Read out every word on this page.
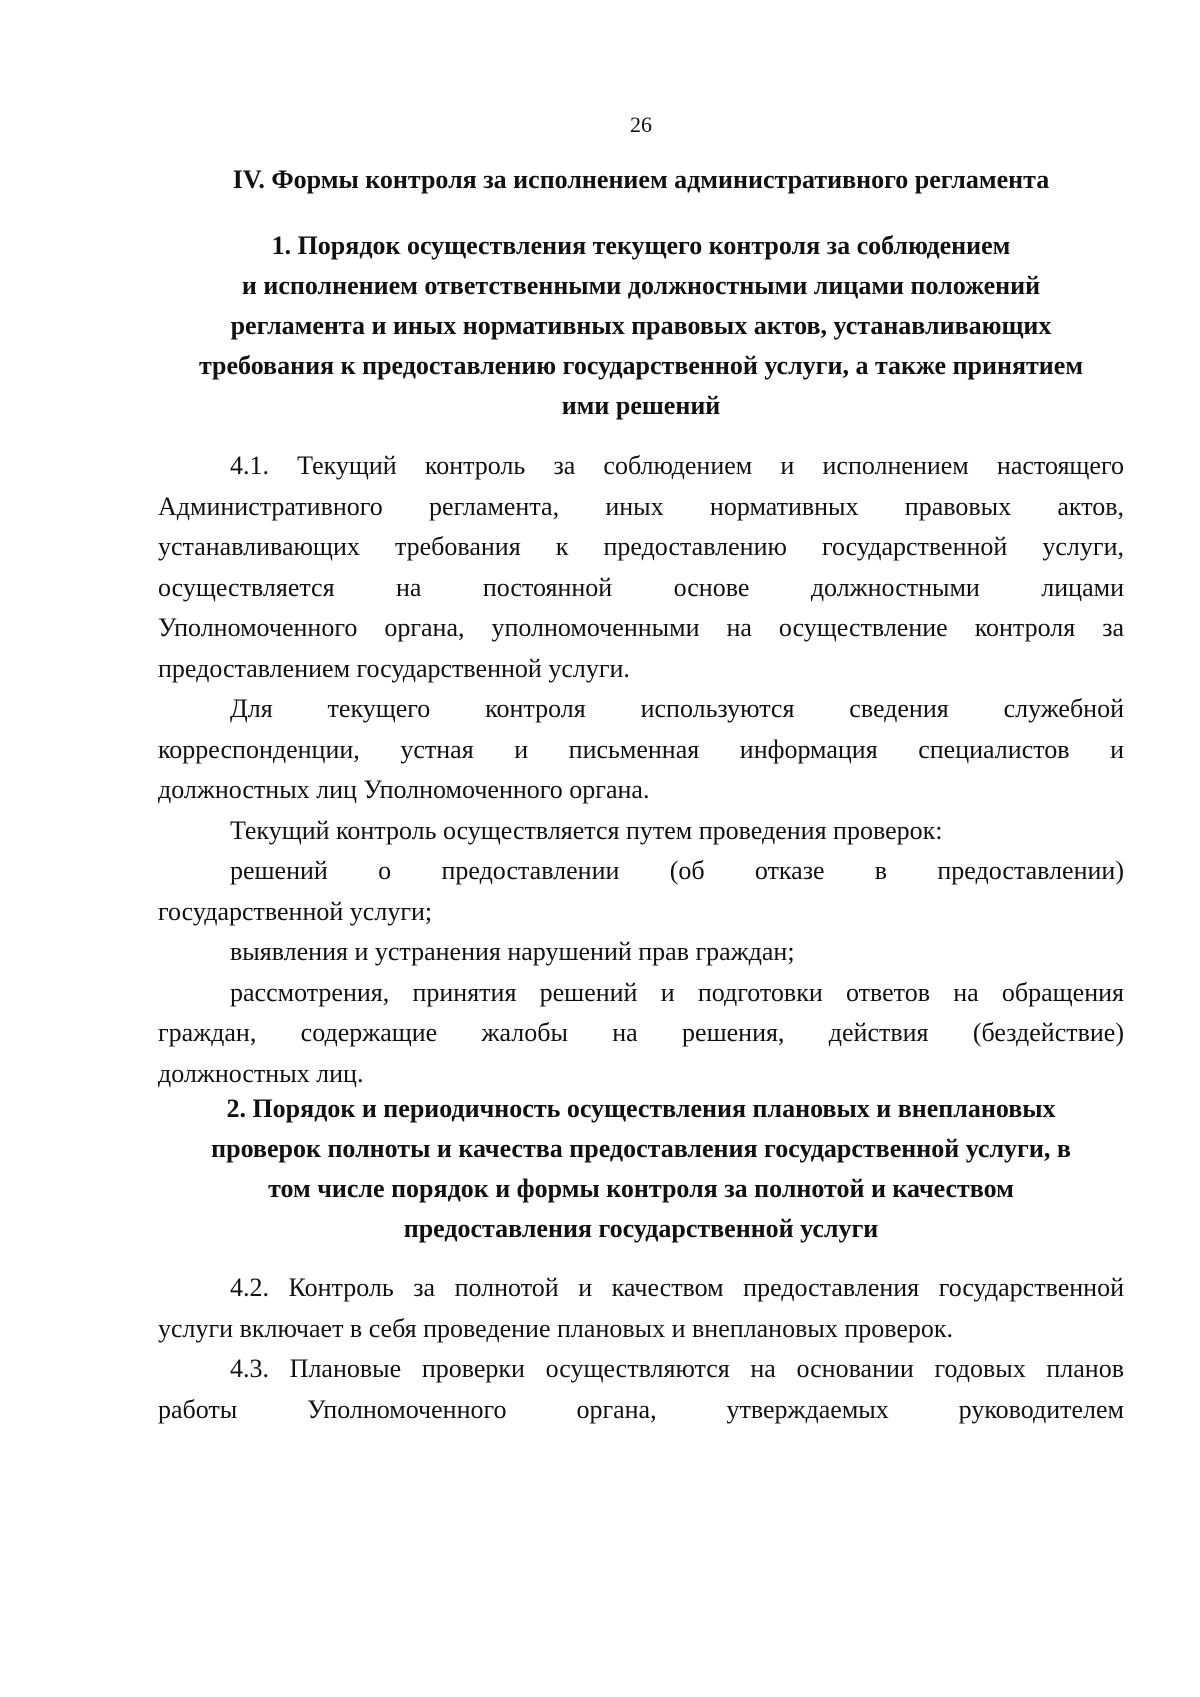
26
IV. Формы контроля за исполнением административного регламента
1. Порядок осуществления текущего контроля за соблюдением
и исполнением ответственными должностными лицами положений
регламента и иных нормативных правовых актов, устанавливающих
требования к предоставлению государственной услуги, а также принятием
ими решений
4.1. Текущий контроль за соблюдением и исполнением настоящего
Административного регламента, иных нормативных правовых актов,
устанавливающих требования к предоставлению государственной услуги,
осуществляется на постоянной основе должностными лицами
Уполномоченного органа, уполномоченными на осуществление контроля за
предоставлением государственной услуги.
Для текущего контроля используются сведения служебной
корреспонденции, устная и письменная информация специалистов и
должностных лиц Уполномоченного органа.
Текущий контроль осуществляется путем проведения проверок:
решений о предоставлении (об отказе в предоставлении)
государственной услуги;
выявления и устранения нарушений прав граждан;
рассмотрения, принятия решений и подготовки ответов на обращения
граждан, содержащие жалобы на решения, действия (бездействие)
должностных лиц.
2. Порядок и периодичность осуществления плановых и внеплановых
проверок полноты и качества предоставления государственной услуги, в
том числе порядок и формы контроля за полнотой и качеством
предоставления государственной услуги
4.2. Контроль за полнотой и качеством предоставления государственной
услуги включает в себя проведение плановых и внеплановых проверок.
4.3. Плановые проверки осуществляются на основании годовых планов
работы Уполномоченного органа, утверждаемых руководителем
